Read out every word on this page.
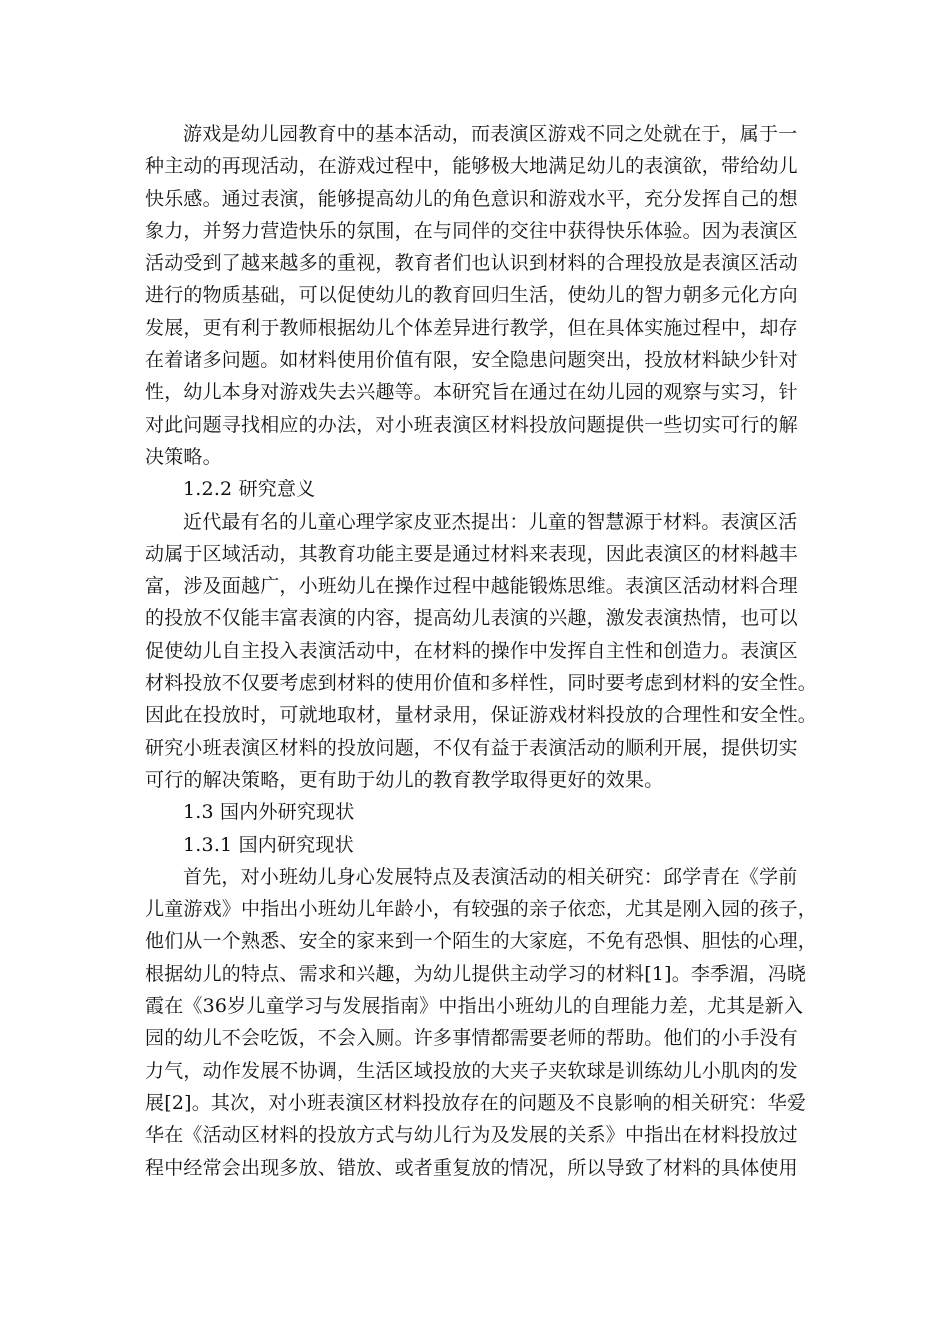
游戏是幼儿园教育中的基本活动，而表演区游戏不同之处就在于，属于一
种主动的再现活动，在游戏过程中，能够极大地满足幼儿的表演欲，带给幼儿
快乐感。通过表演，能够提高幼儿的角色意识和游戏水平，充分发挥自己的想
象力，并努力营造快乐的氛围，在与同伴的交往中获得快乐体验。因为表演区
活动受到了越来越多的重视，教育者们也认识到材料的合理投放是表演区活动
进行的物质基础，可以促使幼儿的教育回归生活，使幼儿的智力朝多元化方向
发展，更有利于教师根据幼儿个体差异进行教学，但在具体实施过程中，却存
在着诸多问题。如材料使用价值有限，安全隐患问题突出，投放材料缺少针对
性，幼儿本身对游戏失去兴趣等。本研究旨在通过在幼儿园的观察与实习，针
对此问题寻找相应的办法，对小班表演区材料投放问题提供一些切实可行的解
决策略。
1.2.2 研究意义
近代最有名的儿童心理学家皮亚杰提出：儿童的智慧源于材料。表演区活
动属于区域活动，其教育功能主要是通过材料来表现，因此表演区的材料越丰
富，涉及面越广，小班幼儿在操作过程中越能锻炼思维。表演区活动材料合理
的投放不仅能丰富表演的内容，提高幼儿表演的兴趣，激发表演热情，也可以
促使幼儿自主投入表演活动中，在材料的操作中发挥自主性和创造力。表演区
材料投放不仅要考虑到材料的使用价值和多样性，同时要考虑到材料的安全性。
因此在投放时，可就地取材，量材录用，保证游戏材料投放的合理性和安全性。
研究小班表演区材料的投放问题，不仅有益于表演活动的顺利开展，提供切实
可行的解决策略，更有助于幼儿的教育教学取得更好的效果。
1.3 国内外研究现状
1.3.1 国内研究现状
首先，对小班幼儿身心发展特点及表演活动的相关研究：邱学青在《学前
儿童游戏》中指出小班幼儿年龄小，有较强的亲子依恋，尤其是刚入园的孩子，
他们从一个熟悉、安全的家来到一个陌生的大家庭，不免有恐惧、胆怯的心理，
根据幼儿的特点、需求和兴趣，为幼儿提供主动学习的材料[1]。李季湄，冯晓
霞在《36岁儿童学习与发展指南》中指出小班幼儿的自理能力差，尤其是新入
园的幼儿不会吃饭，不会入厕。许多事情都需要老师的帮助。他们的小手没有
力气，动作发展不协调，生活区域投放的大夹子夹软球是训练幼儿小肌肉的发
展[2]。其次，对小班表演区材料投放存在的问题及不良影响的相关研究：华爱
华在《活动区材料的投放方式与幼儿行为及发展的关系》中指出在材料投放过
程中经常会出现多放、错放、或者重复放的情况，所以导致了材料的具体使用
